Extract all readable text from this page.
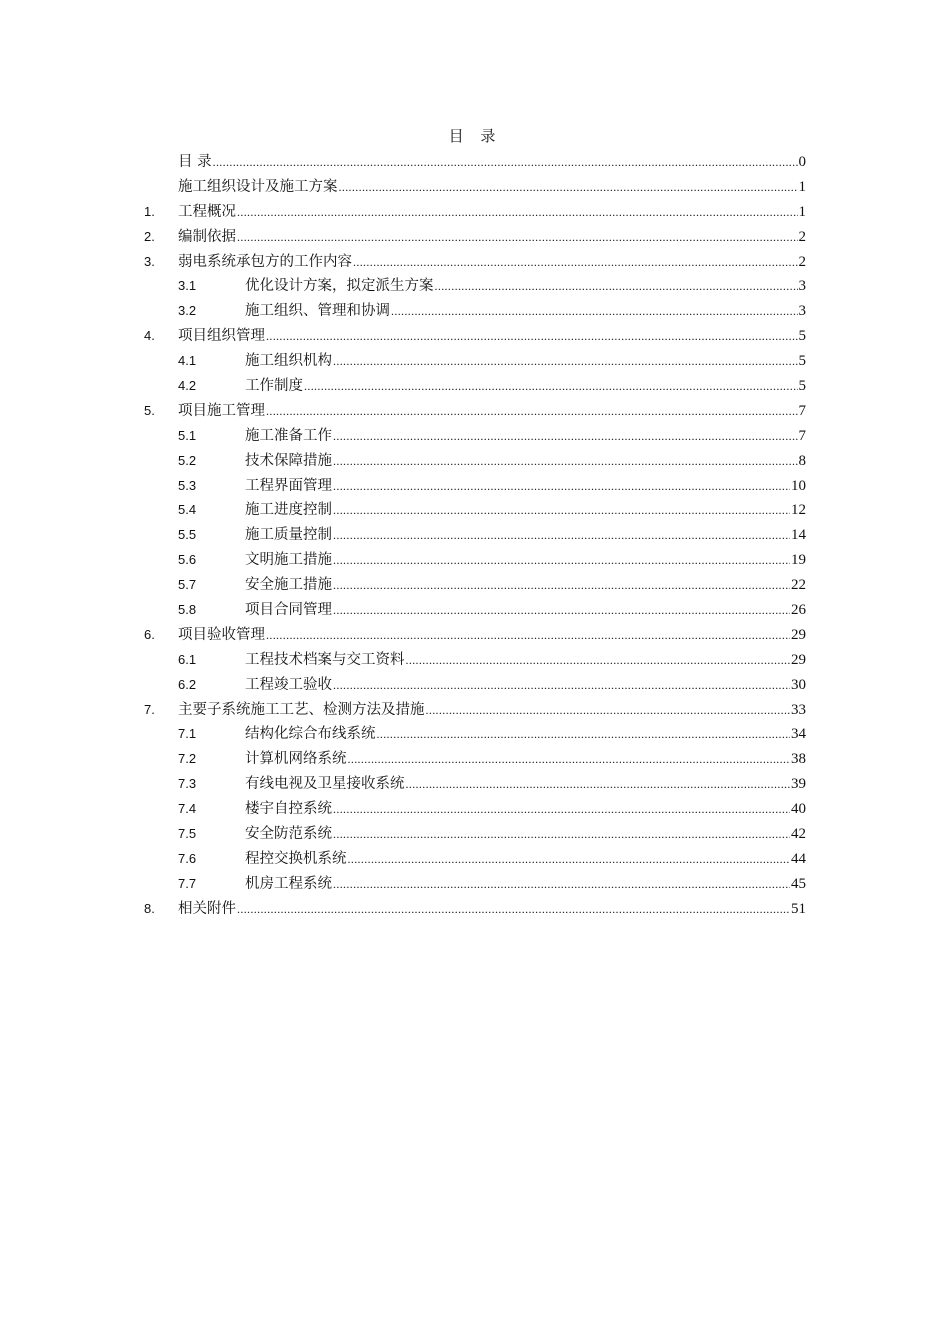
目 录
目 录 .....	0
施工组织设计及施工方案 .....	1
1. 工程概况 .....	1
2. 编制依据 .....	2
3. 弱电系统承包方的工作内容 .....	2
3.1	优化设计方案，拟定派生方案 .....	3
3.2	施工组织、管理和协调 .....	3
4. 项目组织管理 .....	5
4.1	施工组织机构 .....	5
4.2	工作制度 .....	5
5. 项目施工管理 .....	7
5.1	施工准备工作 .....	7
5.2	技术保障措施 .....	8
5.3	工程界面管理 .....	10
5.4	施工进度控制 .....	12
5.5	施工质量控制 .....	14
5.6	文明施工措施 .....	19
5.7	安全施工措施 .....	22
5.8	项目合同管理 .....	26
6. 项目验收管理 .....	29
6.1	工程技术档案与交工资料 .....	29
6.2	工程竣工验收 .....	30
7. 主要子系统施工工艺、检测方法及措施 .....	33
7.1	结构化综合布线系统 .....	34
7.2	计算机网络系统 .....	38
7.3	有线电视及卫星接收系统 .....	39
7.4	楼宇自控系统 .....	40
7.5	安全防范系统 .....	42
7.6	程控交换机系统 .....	44
7.7	机房工程系统 .....	45
8. 相关附件 .....	51
